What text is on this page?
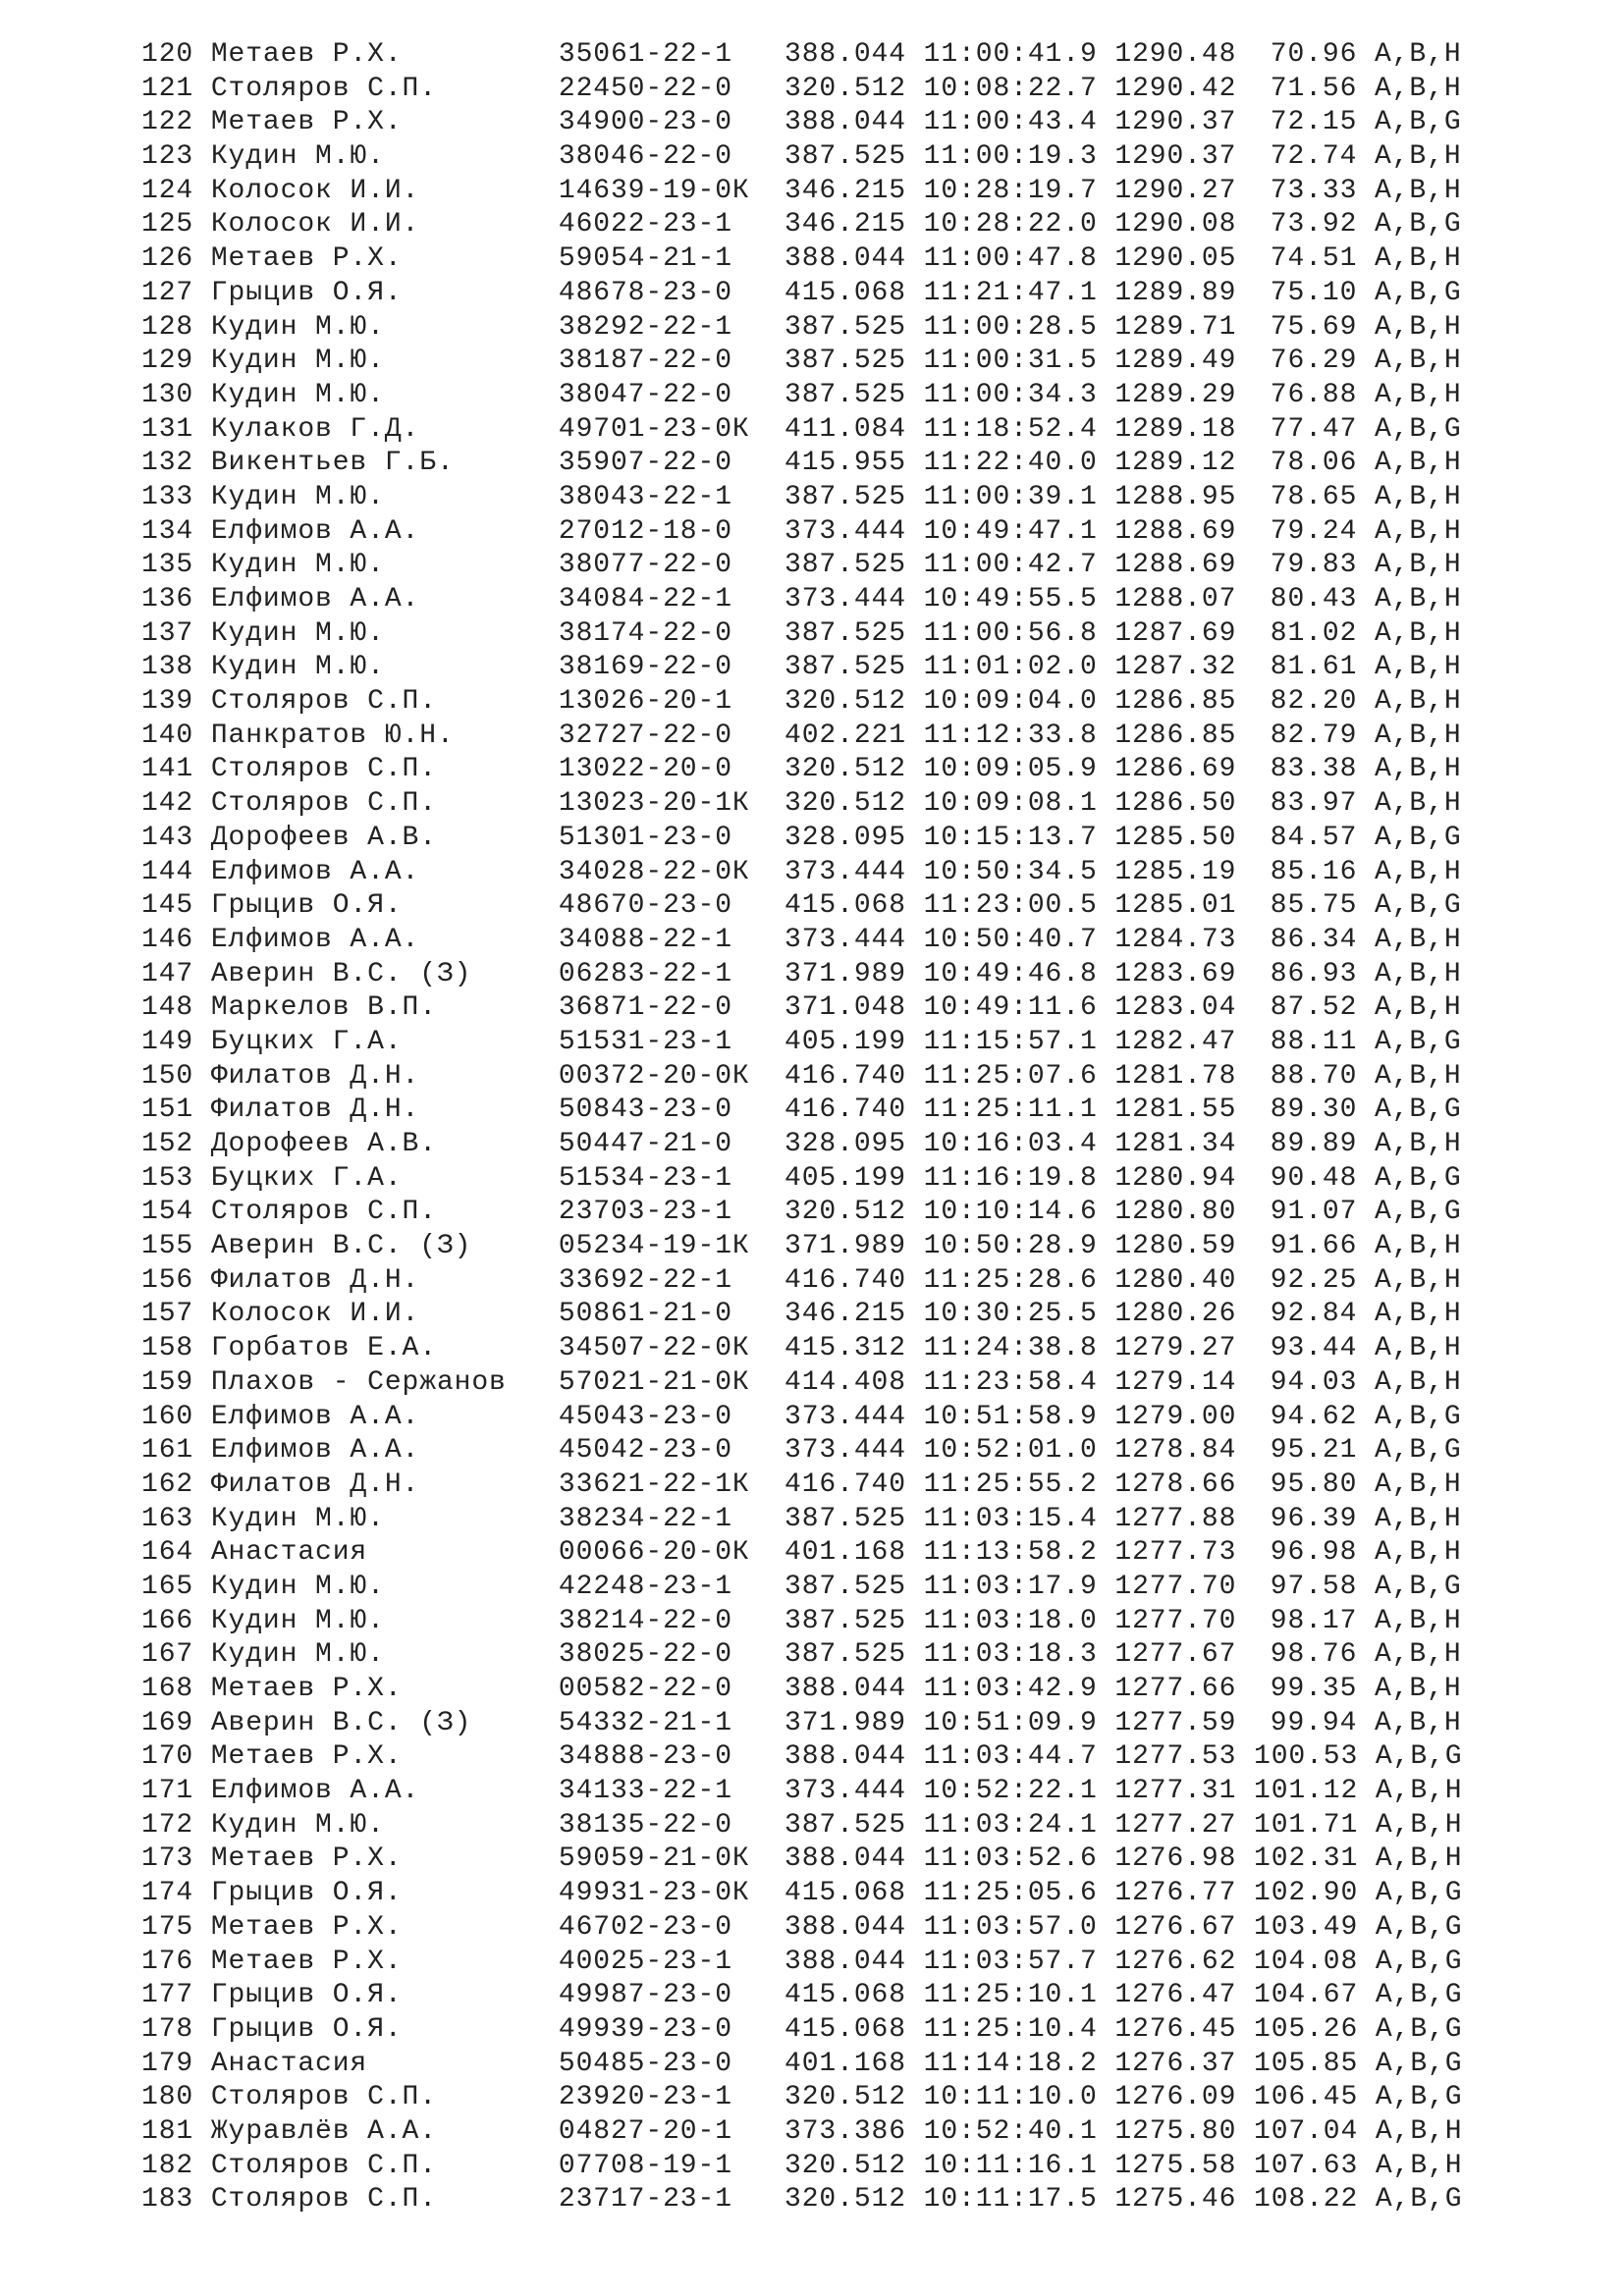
120 Метаев Р.Х.	35061-22-1 388.044 11:00:41.9 1290.48 70.96 A,B,H
121 Столяров С.П.	22450-22-0 320.512 10:08:22.7 1290.42 71.56 A,B,H
122 Метаев Р.Х.	34900-23-0 388.044 11:00:43.4 1290.37 72.15 A,B,G
123 Кудин М.Ю.	38046-22-0 387.525 11:00:19.3 1290.37 72.74 A,B,H
124 Колосок И.И.	14639-19-0К 346.215 10:28:19.7 1290.27 73.33 A,B,H
125 Колосок И.И.	46022-23-1 346.215 10:28:22.0 1290.08 73.92 A,B,G
126 Метаев Р.Х.	59054-21-1 388.044 11:00:47.8 1290.05 74.51 A,B,H
127 Грыцив О.Я.	48678-23-0 415.068 11:21:47.1 1289.89 75.10 A,B,G
128 Кудин М.Ю.	38292-22-1 387.525 11:00:28.5 1289.71 75.69 A,B,H
129 Кудин М.Ю.	38187-22-0 387.525 11:00:31.5 1289.49 76.29 A,B,H
130 Кудин М.Ю.	38047-22-0 387.525 11:00:34.3 1289.29 76.88 A,B,H
131 Кулаков Г.Д.	49701-23-0К 411.084 11:18:52.4 1289.18 77.47 A,B,G
132 Викентьев Г.Б.	35907-22-0 415.955 11:22:40.0 1289.12 78.06 A,B,H
133 Кудин М.Ю.	38043-22-1 387.525 11:00:39.1 1288.95 78.65 A,B,H
134 Елфимов А.А.	27012-18-0 373.444 10:49:47.1 1288.69 79.24 A,B,H
135 Кудин М.Ю.	38077-22-0 387.525 11:00:42.7 1288.69 79.83 A,B,H
136 Елфимов А.А.	34084-22-1 373.444 10:49:55.5 1288.07 80.43 A,B,H
137 Кудин М.Ю.	38174-22-0 387.525 11:00:56.8 1287.69 81.02 A,B,H
138 Кудин М.Ю.	38169-22-0 387.525 11:01:02.0 1287.32 81.61 A,B,H
139 Столяров С.П.	13026-20-1 320.512 10:09:04.0 1286.85 82.20 A,B,H
140 Панкратов Ю.Н.	32727-22-0 402.221 11:12:33.8 1286.85 82.79 A,B,H
141 Столяров С.П.	13022-20-0 320.512 10:09:05.9 1286.69 83.38 A,B,H
142 Столяров С.П.	13023-20-1К 320.512 10:09:08.1 1286.50 83.97 A,B,H
143 Дорофеев А.В.	51301-23-0 328.095 10:15:13.7 1285.50 84.57 A,B,G
144 Елфимов А.А.	34028-22-0К 373.444 10:50:34.5 1285.19 85.16 A,B,H
145 Грыцив О.Я.	48670-23-0 415.068 11:23:00.5 1285.01 85.75 A,B,G
146 Елфимов А.А.	34088-22-1 373.444 10:50:40.7 1284.73 86.34 A,B,H
147 Аверин В.С. (З)	06283-22-1 371.989 10:49:46.8 1283.69 86.93 A,B,H
148 Маркелов В.П.	36871-22-0 371.048 10:49:11.6 1283.04 87.52 A,B,H
149 Буцких Г.А.	51531-23-1 405.199 11:15:57.1 1282.47 88.11 A,B,G
150 Филатов Д.Н.	00372-20-0К 416.740 11:25:07.6 1281.78 88.70 A,B,H
151 Филатов Д.Н.	50843-23-0 416.740 11:25:11.1 1281.55 89.30 A,B,G
152 Дорофеев А.В.	50447-21-0 328.095 10:16:03.4 1281.34 89.89 A,B,H
153 Буцких Г.А.	51534-23-1 405.199 11:16:19.8 1280.94 90.48 A,B,G
154 Столяров С.П.	23703-23-1 320.512 10:10:14.6 1280.80 91.07 A,B,G
155 Аверин В.С. (З)	05234-19-1К 371.989 10:50:28.9 1280.59 91.66 A,B,H
156 Филатов Д.Н.	33692-22-1 416.740 11:25:28.6 1280.40 92.25 A,B,H
157 Колосок И.И.	50861-21-0 346.215 10:30:25.5 1280.26 92.84 A,B,H
158 Горбатов Е.А.	34507-22-0К 415.312 11:24:38.8 1279.27 93.44 A,B,H
159 Плахов - Сержанов 57021-21-0К 414.408 11:23:58.4 1279.14 94.03 A,B,H
160 Елфимов А.А.	45043-23-0 373.444 10:51:58.9 1279.00 94.62 A,B,G
161 Елфимов А.А.	45042-23-0 373.444 10:52:01.0 1278.84 95.21 A,B,G
162 Филатов Д.Н.	33621-22-1К 416.740 11:25:55.2 1278.66 95.80 A,B,H
163 Кудин М.Ю.	38234-22-1 387.525 11:03:15.4 1277.88 96.39 A,B,H
164 Анастасия	00066-20-0К 401.168 11:13:58.2 1277.73 96.98 A,B,H
165 Кудин М.Ю.	42248-23-1 387.525 11:03:17.9 1277.70 97.58 A,B,G
166 Кудин М.Ю.	38214-22-0 387.525 11:03:18.0 1277.70 98.17 A,B,H
167 Кудин М.Ю.	38025-22-0 387.525 11:03:18.3 1277.67 98.76 A,B,H
168 Метаев Р.Х.	00582-22-0 388.044 11:03:42.9 1277.66 99.35 A,B,H
169 Аверин В.С. (З)	54332-21-1 371.989 10:51:09.9 1277.59 99.94 A,B,H
170 Метаев Р.Х.	34888-23-0 388.044 11:03:44.7 1277.53 100.53 A,B,G
171 Елфимов А.А.	34133-22-1 373.444 10:52:22.1 1277.31 101.12 A,B,H
172 Кудин М.Ю.	38135-22-0 387.525 11:03:24.1 1277.27 101.71 A,B,H
173 Метаев Р.Х.	59059-21-0К 388.044 11:03:52.6 1276.98 102.31 A,B,H
174 Грыцив О.Я.	49931-23-0К 415.068 11:25:05.6 1276.77 102.90 A,B,G
175 Метаев Р.Х.	46702-23-0 388.044 11:03:57.0 1276.67 103.49 A,B,G
176 Метаев Р.Х.	40025-23-1 388.044 11:03:57.7 1276.62 104.08 A,B,G
177 Грыцив О.Я.	49987-23-0 415.068 11:25:10.1 1276.47 104.67 A,B,G
178 Грыцив О.Я.	49939-23-0 415.068 11:25:10.4 1276.45 105.26 A,B,G
179 Анастасия	50485-23-0 401.168 11:14:18.2 1276.37 105.85 A,B,G
180 Столяров С.П.	23920-23-1 320.512 10:11:10.0 1276.09 106.45 A,B,G
181 Журавлёв А.А.	04827-20-1 373.386 10:52:40.1 1275.80 107.04 A,B,H
182 Столяров С.П.	07708-19-1 320.512 10:11:16.1 1275.58 107.63 A,B,H
183 Столяров С.П.	23717-23-1 320.512 10:11:17.5 1275.46 108.22 A,B,G
